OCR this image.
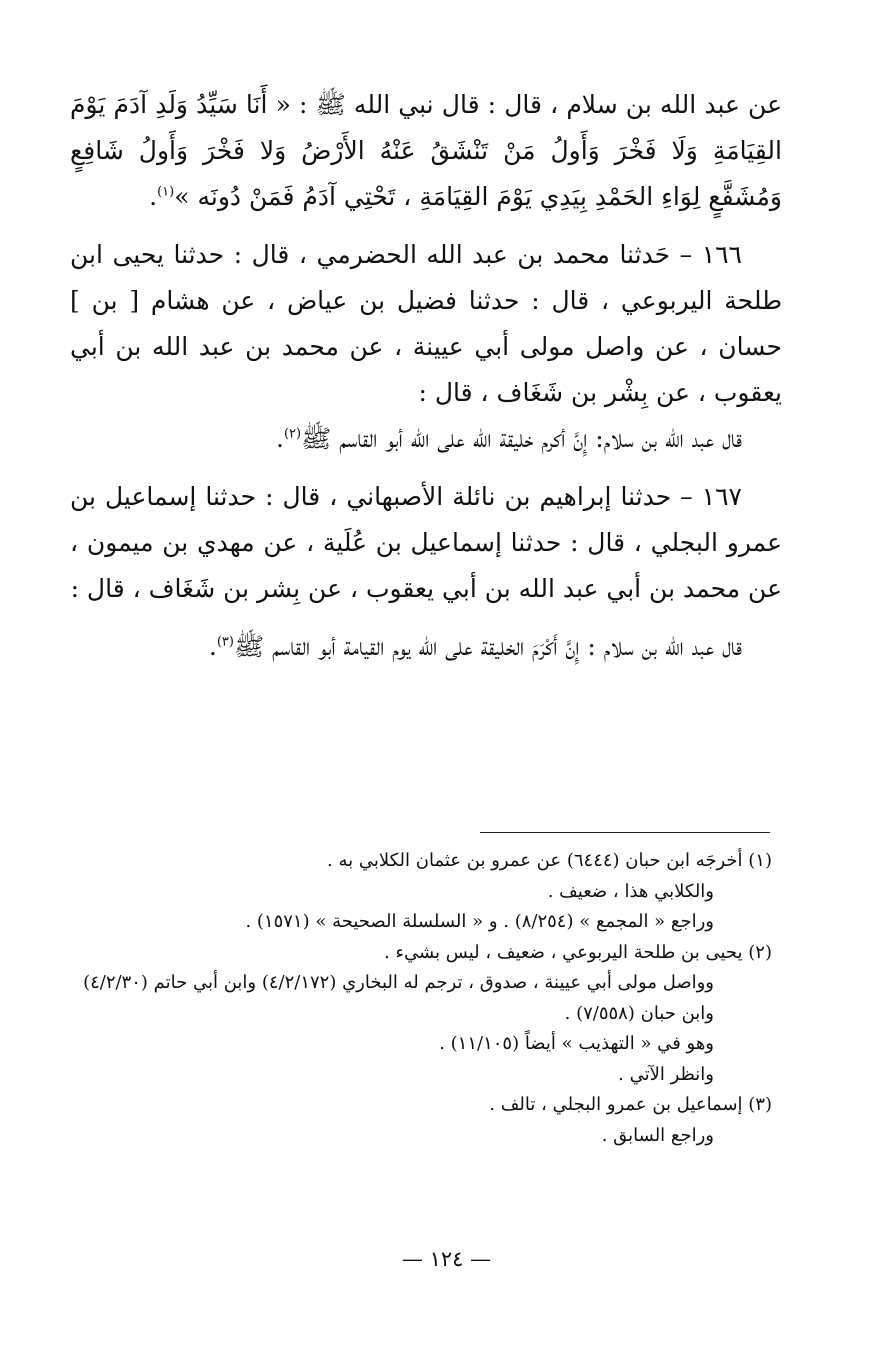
عن عبد الله بن سلام ، قال : قال نبي الله ﷺ : « أَنَا سَيِّدُ وَلَدِ آدَمَ يَوْمَ القِيَامَةِ وَلَا فَخْرَ وَأَولُ مَنْ تَنْشَقُ عَنْهُ الأَرْضُ وَلا فَخْرَ وَأَولُ شَافِعٍ وَمُشَفَّعٍ لِوَاءِ الحَمْدِ بِيَدِي يَوْمَ القِيَامَةِ ، تَحْتِي آدَمُ فَمَنْ دُونَه »$^{(١)}$.

١٦٦ – حَدثنا محمد بن عبد الله الحضرمي ، قال : حدثنا يحيى ابن طلحة اليربوعي ، قال : حدثنا فضيل بن عياض ، عن هشام [ بن ] حسان ، عن واصل مولى أبي عيينة ، عن محمد بن عبد الله بن أبي يعقوب ، عن بِشْر بن شَغَاف ، قال :

قال عبد الله بن سلام: إِنَّ أكرم خليقة الله على الله أبو القاسم ﷺ$^{(٢)}$.

١٦٧ – حدثنا إبراهيم بن نائلة الأصبهاني ، قال : حدثنا إسماعيل بن عمرو البجلي ، قال : حدثنا إسماعيل بن عُلَية ، عن مهدي بن ميمون ، عن محمد بن أبي عبد الله بن أبي يعقوب ، عن بِشر بن شَغَاف ، قال :

قال عبد الله بن سلام : إِنَّ أَكْرَمَ الخليقة على الله يوم القيامة أبو القاسم ﷺ$^{(٣)}$.

(١) أخرجَه ابن حبان (٦٤٤٤) عن عمرو بن عثمان الكلابي به .

والكلابي هذا ، ضعيف .

وراجع « المجمع » (٨/٢٥٤) . و « السلسلة الصحيحة » (١٥٧١) .

(٢) يحيى بن طلحة اليربوعي ، ضعيف ، ليس بشيء .

وواصل مولى أبي عيينة ، صدوق ، ترجم له البخاري (٤/٢/١٧٢) وابن أبي حاتم (٤/٢/٣٠) وابن حبان (٧/٥٥٨) .

وهو في « التهذيب » أيضاً (١١/١٠٥) .

وانظر الآتي .

(٣) إسماعيل بن عمرو البجلي ، تالف .

وراجع السابق .

— ١٢٤ —
